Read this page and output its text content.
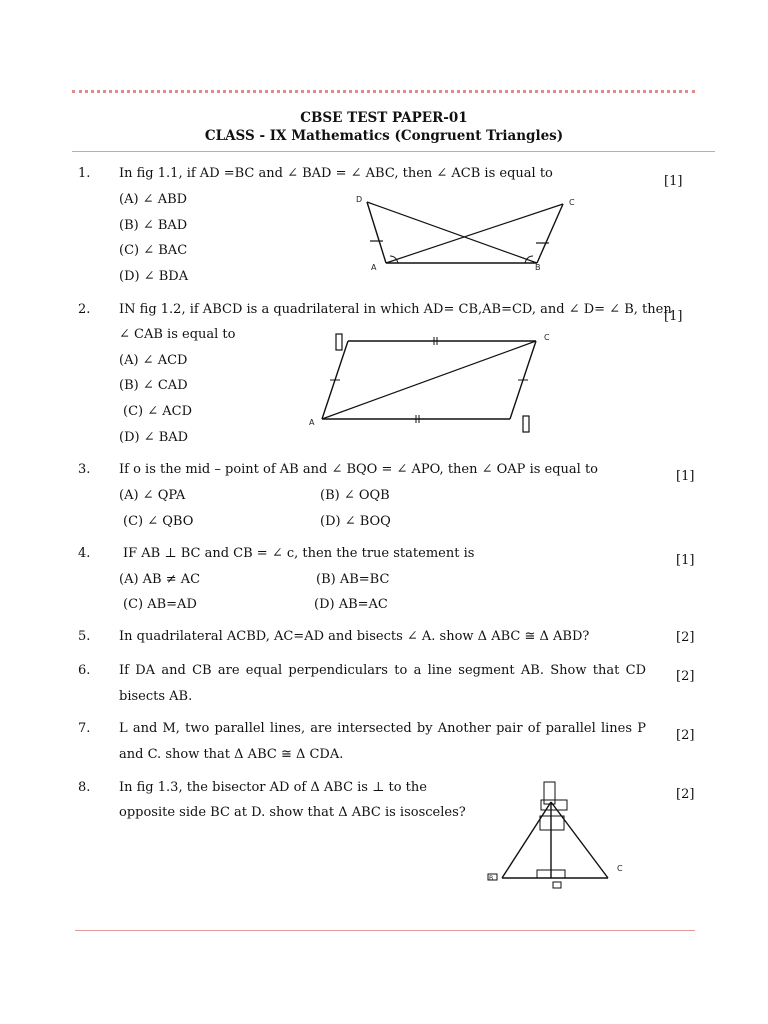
CBSE TEST PAPER-01
CLASS - IX Mathematics (Congruent Triangles)
1. In fig 1.1, if AD =BC and ∠ BAD = ∠ ABC, then ∠ ACB is equal to
[1]
(A) ∠ ABD
(B) ∠ BAD
(C) ∠ BAC
(D) ∠ BDA
D	C
A	B
2. IN fig 1.2, if ABCD is a quadrilateral in which AD= CB,AB=CD, and ∠ D= ∠ B, then
∠ CAB is equal to
[1]
(A) ∠ ACD
(B) ∠ CAD
(C) ∠ ACD
(D) ∠ BAD
C
A
3. If o is the mid – point of AB and ∠ BQO = ∠ APO, then ∠ OAP is equal to	[1]
(A) ∠ QPA	(B) ∠ OQB
(C) ∠ QBO	(D) ∠ BOQ
4.	IF AB ⊥ BC and CB = ∠ c, then the true statement is	[1]
(A) AB ≠ AC	(B) AB=BC
(C) AB=AD	(D) AB=AC
5. In quadrilateral ACBD, AC=AD and bisects ∠ A. show Δ ABC ≅ Δ ABD?	[2]
6. If DA and CB are equal perpendiculars to a line segment AB. Show that CD
bisects AB.
[2]
7. L and M, two parallel lines, are intersected by Another pair of parallel lines P
and C. show that Δ ABC ≅ Δ CDA.
[2]
8. In fig 1.3, the bisector AD of Δ ABC is ⊥ to the
opposite side BC at D. show that Δ ABC is isosceles?
[2]
B
C
